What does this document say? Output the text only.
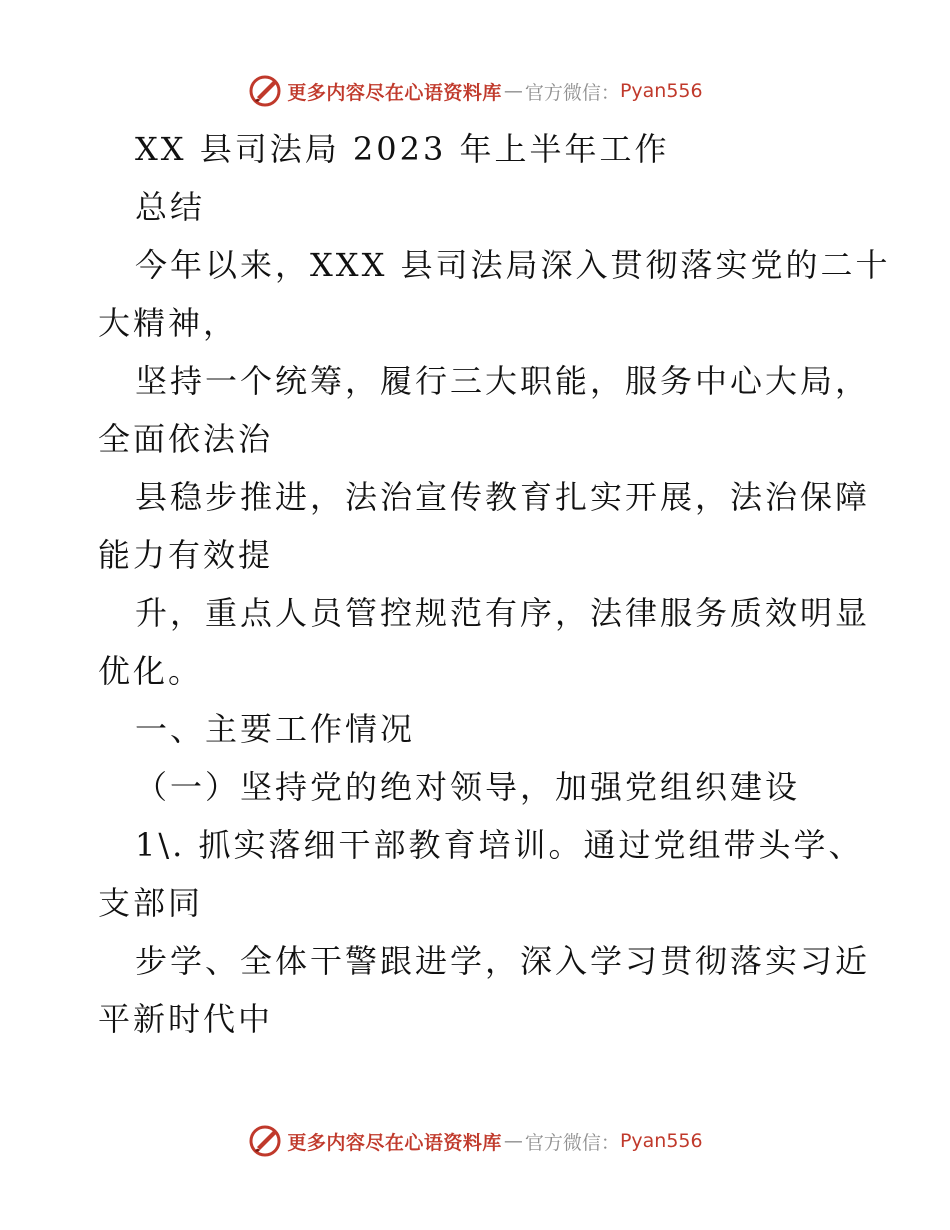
更多内容尽在心语资料库 — 官方微信： Pyan556
XX 县司法局 2023 年上半年工作
总结
今年以来，XXX 县司法局深入贯彻落实党的二十
大精神，
坚持一个统筹，履行三大职能，服务中心大局，
全面依法治
县稳步推进，法治宣传教育扎实开展，法治保障
能力有效提
升，重点人员管控规范有序，法律服务质效明显
优化。
一、主要工作情况
（一）坚持党的绝对领导，加强党组织建设
1\. 抓实落细干部教育培训。通过党组带头学、
支部同
步学、全体干警跟进学，深入学习贯彻落实习近
平新时代中
更多内容尽在心语资料库 — 官方微信： Pyan556
